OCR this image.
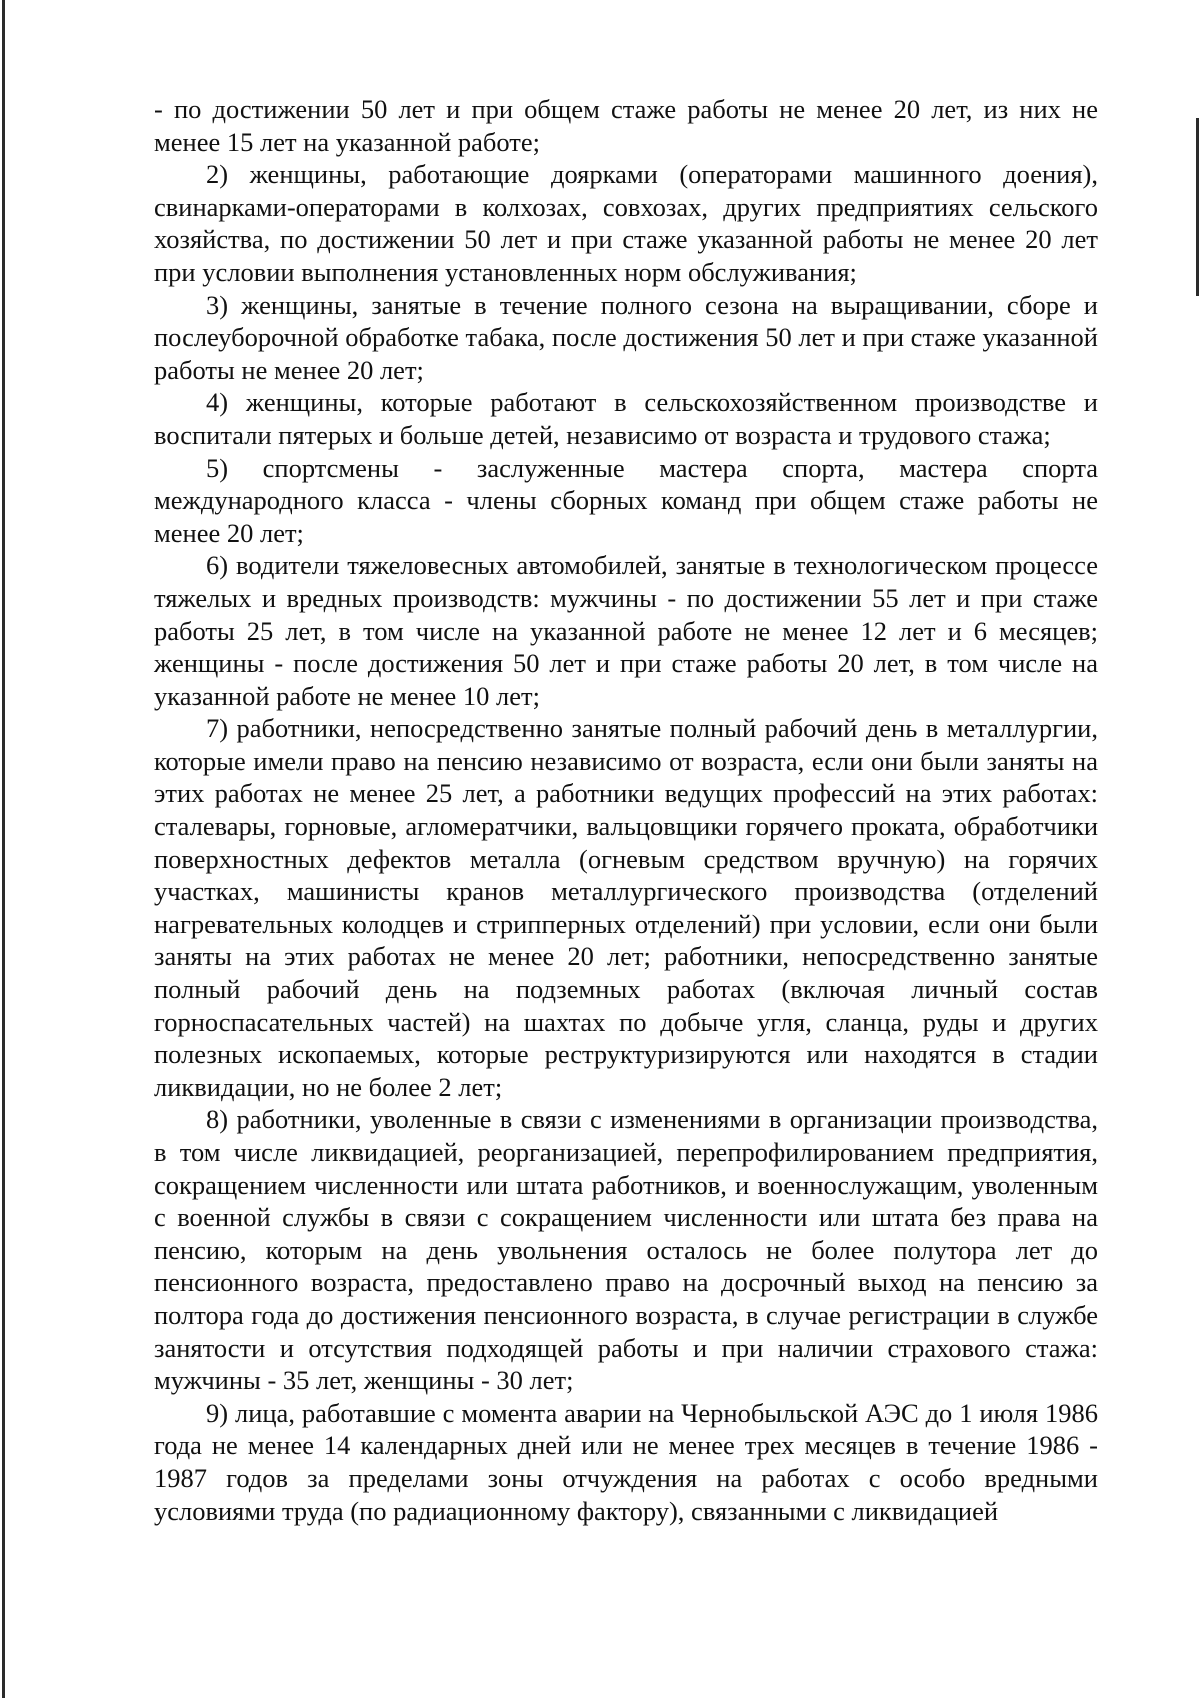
- по достижении 50 лет и при общем стаже работы не менее 20 лет, из них не менее 15 лет на указанной работе;

2) женщины, работающие доярками (операторами машинного доения), свинарками-операторами в колхозах, совхозах, других предприятиях сельского хозяйства, по достижении 50 лет и при стаже указанной работы не менее 20 лет при условии выполнения установленных норм обслуживания;

3) женщины, занятые в течение полного сезона на выращивании, сборе и послеуборочной обработке табака, после достижения 50 лет и при стаже указанной работы не менее 20 лет;

4) женщины, которые работают в сельскохозяйственном производстве и воспитали пятерых и больше детей, независимо от возраста и трудового стажа;

5) спортсмены - заслуженные мастера спорта, мастера спорта международного класса - члены сборных команд при общем стаже работы не менее 20 лет;

6) водители тяжеловесных автомобилей, занятые в технологическом процессе тяжелых и вредных производств: мужчины - по достижении 55 лет и при стаже работы 25 лет, в том числе на указанной работе не менее 12 лет и 6 месяцев; женщины - после достижения 50 лет и при стаже работы 20 лет, в том числе на указанной работе не менее 10 лет;

7) работники, непосредственно занятые полный рабочий день в металлургии, которые имели право на пенсию независимо от возраста, если они были заняты на этих работах не менее 25 лет, а работники ведущих профессий на этих работах: сталевары, горновые, агломератчики, вальцовщики горячего проката, обработчики поверхностных дефектов металла (огневым средством вручную) на горячих участках, машинисты кранов металлургического производства (отделений нагревательных колодцев и стрипперных отделений) при условии, если они были заняты на этих работах не менее 20 лет; работники, непосредственно занятые полный рабочий день на подземных работах (включая личный состав горноспасательных частей) на шахтах по добыче угля, сланца, руды и других полезных ископаемых, которые реструктуризируются или находятся в стадии ликвидации, но не более 2 лет;

8) работники, уволенные в связи с изменениями в организации производства, в том числе ликвидацией, реорганизацией, перепрофилированием предприятия, сокращением численности или штата работников, и военнослужащим, уволенным с военной службы в связи с сокращением численности или штата без права на пенсию, которым на день увольнения осталось не более полутора лет до пенсионного возраста, предоставлено право на досрочный выход на пенсию за полтора года до достижения пенсионного возраста, в случае регистрации в службе занятости и отсутствия подходящей работы и при наличии страхового стажа: мужчины - 35 лет, женщины - 30 лет;

9) лица, работавшие с момента аварии на Чернобыльской АЭС до 1 июля 1986 года не менее 14 календарных дней или не менее трех месяцев в течение 1986 - 1987 годов за пределами зоны отчуждения на работах с особо вредными условиями труда (по радиационному фактору), связанными с ликвидацией
